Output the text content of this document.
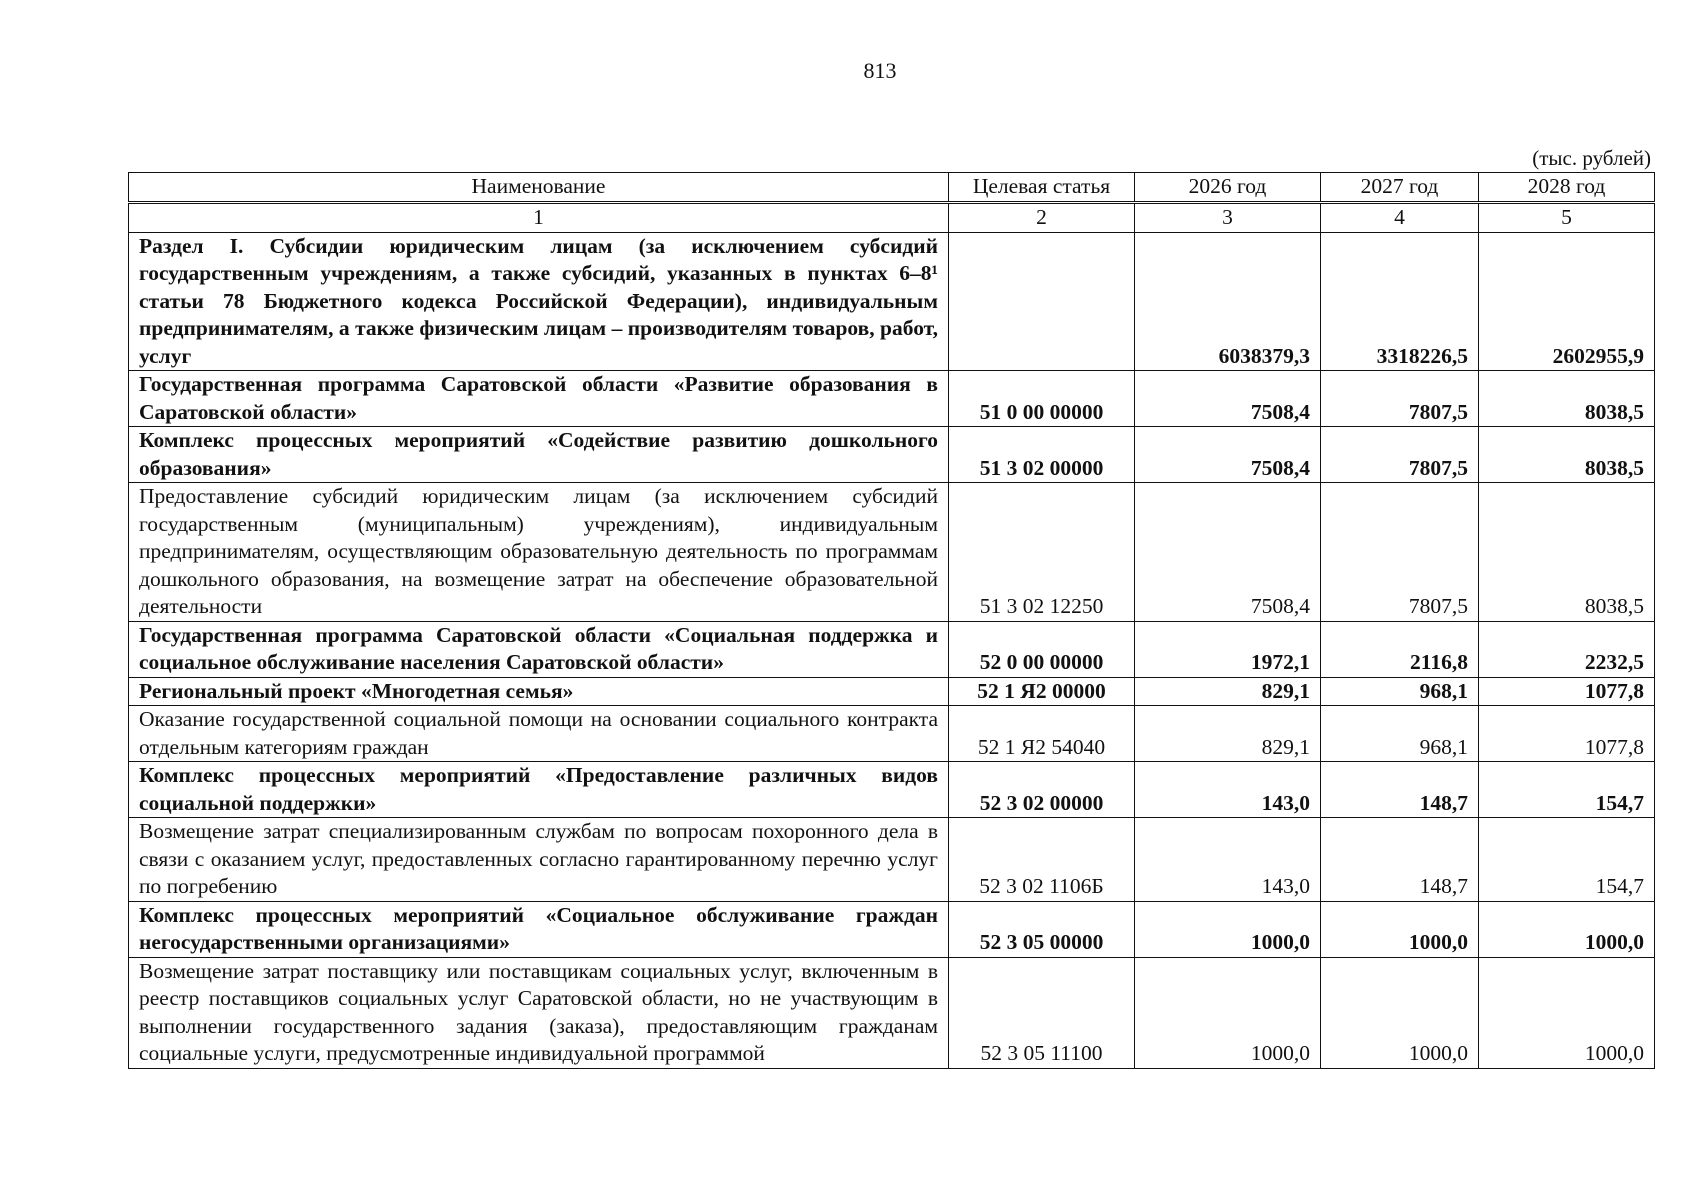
813
(тыс. рублей)
Наименование	Целевая статья	2026 год	2027 год	2028 год
1	2	3	4	5
Раздел I. Субсидии юридическим лицам (за исключением субсидий государственным учреждениям, а также субсидий, указанных в пунктах 6–8¹ статьи 78 Бюджетного кодекса Российской Федерации), индивидуальным предпринимателям, а также физическим лицам – производителям товаров, работ, услуг		6038379,3	3318226,5	2602955,9
Государственная программа Саратовской области «Развитие образования в Саратовской области»	51 0 00 00000	7508,4	7807,5	8038,5
Комплекс процессных мероприятий «Содействие развитию дошкольного образования»	51 3 02 00000	7508,4	7807,5	8038,5
Предоставление субсидий юридическим лицам (за исключением субсидий государственным (муниципальным) учреждениям), индивидуальным предпринимателям, осуществляющим образовательную деятельность по программам дошкольного образования, на возмещение затрат на обеспечение образовательной деятельности	51 3 02 12250	7508,4	7807,5	8038,5
Государственная программа Саратовской области «Социальная поддержка и социальное обслуживание населения Саратовской области»	52 0 00 00000	1972,1	2116,8	2232,5
Региональный проект «Многодетная семья»	52 1 Я2 00000	829,1	968,1	1077,8
Оказание государственной социальной помощи на основании социального контракта отдельным категориям граждан	52 1 Я2 54040	829,1	968,1	1077,8
Комплекс процессных мероприятий «Предоставление различных видов социальной поддержки»	52 3 02 00000	143,0	148,7	154,7
Возмещение затрат специализированным службам по вопросам похоронного дела в связи с оказанием услуг, предоставленных согласно гарантированному перечню услуг по погребению	52 3 02 1106Б	143,0	148,7	154,7
Комплекс процессных мероприятий «Социальное обслуживание граждан негосударственными организациями»	52 3 05 00000	1000,0	1000,0	1000,0
Возмещение затрат поставщику или поставщикам социальных услуг, включенным в реестр поставщиков социальных услуг Саратовской области, но не участвующим в выполнении государственного задания (заказа), предоставляющим гражданам социальные услуги, предусмотренные индивидуальной программой	52 3 05 11100	1000,0	1000,0	1000,0
